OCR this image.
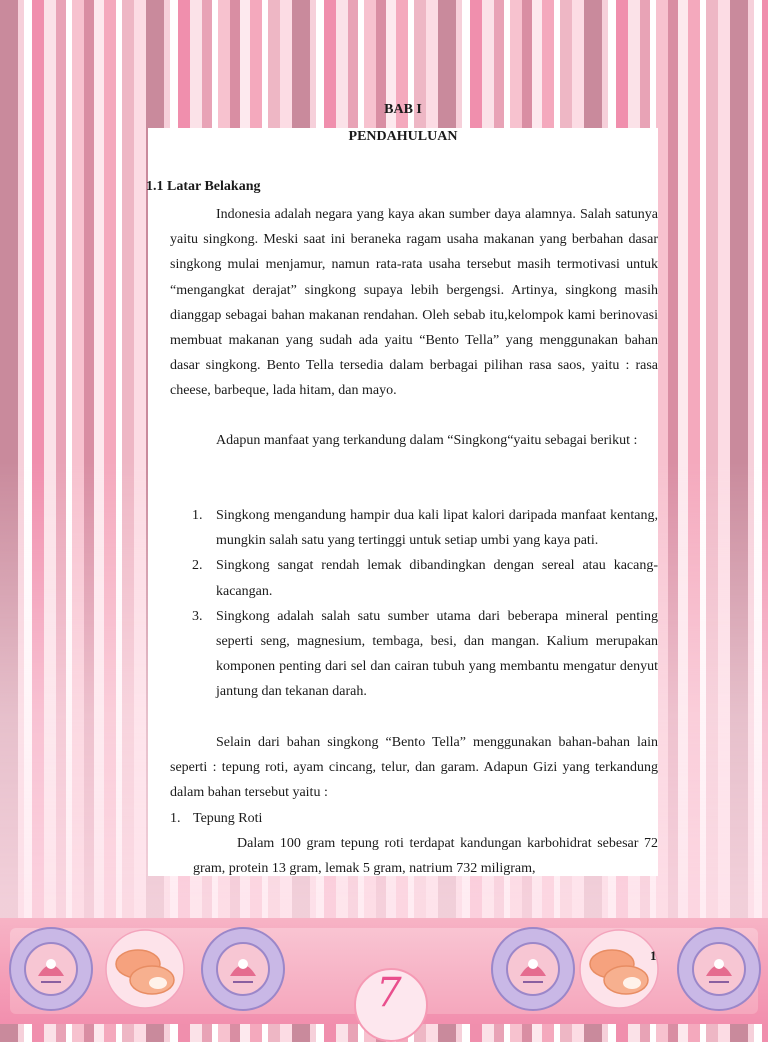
BAB I
PENDAHULUAN
1.1 Latar Belakang

Indonesia adalah negara yang kaya akan sumber daya alamnya. Salah satunya yaitu singkong. Meski saat ini beraneka ragam usaha makanan yang berbahan dasar singkong mulai menjamur, namun rata-rata usaha tersebut masih termotivasi untuk “mengangkat derajat” singkong supaya lebih bergengsi. Artinya, singkong masih dianggap sebagai bahan makanan rendahan. Oleh sebab itu,kelompok kami berinovasi membuat makanan yang sudah ada yaitu “Bento Tella” yang menggunakan bahan dasar singkong. Bento Tella tersedia dalam berbagai pilihan rasa saos, yaitu : rasa cheese, barbeque, lada hitam, dan mayo.

Adapun manfaat yang terkandung dalam “Singkong“yaitu sebagai berikut :

1. Singkong mengandung hampir dua kali lipat kalori daripada manfaat kentang, mungkin salah satu yang tertinggi untuk setiap umbi yang kaya pati.
2. Singkong sangat rendah lemak dibandingkan dengan sereal atau kacang-kacangan.
3. Singkong adalah salah satu sumber utama dari beberapa mineral penting seperti seng, magnesium, tembaga, besi, dan mangan. Kalium merupakan komponen penting dari sel dan cairan tubuh yang membantu mengatur denyut jantung dan tekanan darah.

Selain dari bahan singkong “Bento Tella” menggunakan bahan-bahan lain seperti : tepung roti, ayam cincang, telur, dan garam. Adapun Gizi yang terkandung dalam bahan tersebut yaitu :

1. Tepung Roti

Dalam 100 gram tepung roti terdapat kandungan karbohidrat sebesar 72 gram, protein 13 gram, lemak 5 gram, natrium 732 miligram,

7
1
